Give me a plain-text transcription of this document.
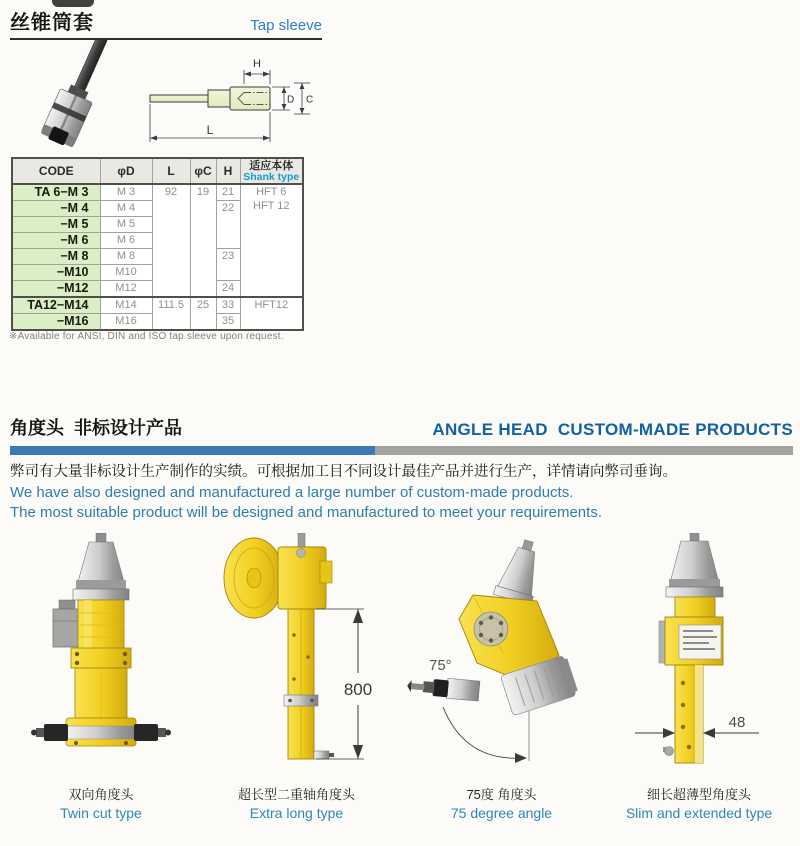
丝锥筒套	Tap sleeve
H
D C
L
CODE	φD	L	φC	H	适应本体
Shank type

TA 6−M 3	M 3	92	19	21	HFT 6
HFT 12

−M 4	M 4			22	
−M 5	M 5				
−M 6	M 6				
−M 8	M 8			23	
−M10	M10				
−M12	M12			24	
TA12−M14	M14	111.5	25	33	HFT12

−M16	M16			35	
※Available for ANSI, DIN and ISO tap sleeve upon request.
角度头  非标设计产品	ANGLE HEAD  CUSTOM-MADE PRODUCTS
弊司有大量非标设计生产制作的实绩。可根据加工目不同设计最佳产品并进行生产，详情请向弊司垂询。
We have also designed and manufactured a large number of custom-made products.
The most suitable product will be designed and manufactured to meet your requirements.
双向角度头
Twin cut type
800
超长型二重轴角度头
Extra long type
75°
75度 角度头
75 degree angle
48
细长超薄型角度头
Slim and extended type
